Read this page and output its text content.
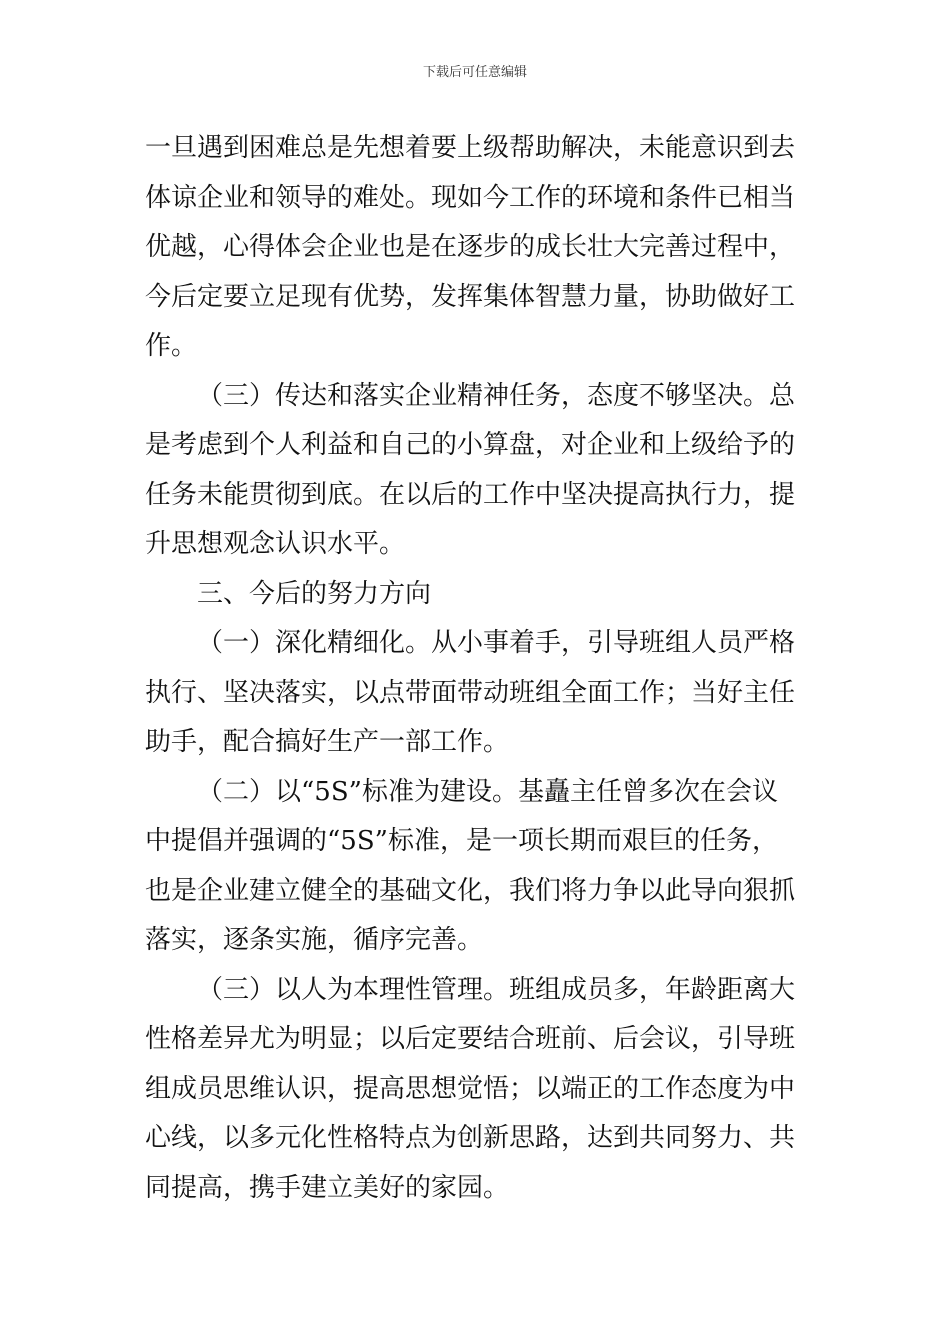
下载后可任意编辑
一旦遇到困难总是先想着要上级帮助解决，未能意识到去
体谅企业和领导的难处。现如今工作的环境和条件已相当
优越，心得体会企业也是在逐步的成长壮大完善过程中，
今后定要立足现有优势，发挥集体智慧力量，协助做好工
作。
（三）传达和落实企业精神任务，态度不够坚决。总
是考虑到个人利益和自己的小算盘，对企业和上级给予的
任务未能贯彻到底。在以后的工作中坚决提高执行力，提
升思想观念认识水平。
三、今后的努力方向
（一）深化精细化。从小事着手，引导班组人员严格
执行、坚决落实，以点带面带动班组全面工作；当好主任
助手，配合搞好生产一部工作。
（二）以“5S”标准为建设。基矗主任曾多次在会议
中提倡并强调的“5S”标准，是一项长期而艰巨的任务，
也是企业建立健全的基础文化，我们将力争以此导向狠抓
落实，逐条实施，循序完善。
（三）以人为本理性管理。班组成员多，年龄距离大
性格差异尤为明显；以后定要结合班前、后会议，引导班
组成员思维认识，提高思想觉悟；以端正的工作态度为中
心线，以多元化性格特点为创新思路，达到共同努力、共
同提高，携手建立美好的家园。
